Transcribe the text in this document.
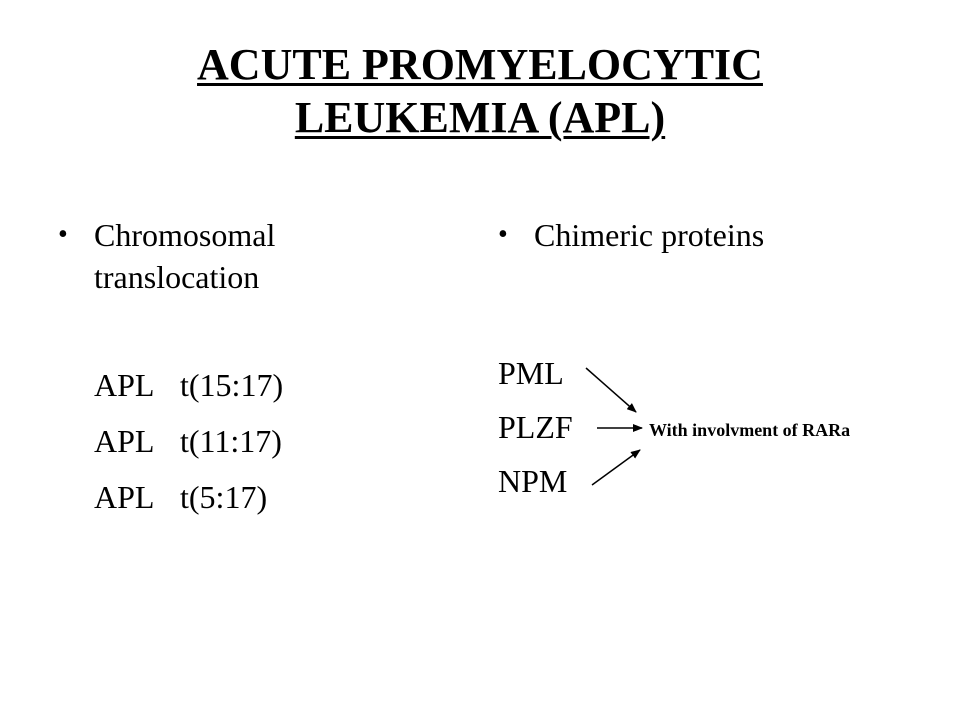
ACUTE PROMYELOCYTIC
LEUKEMIA (APL)
• Chromosomal
translocation
APL t(15:17)
APL t(11:17)
APL t(5:17)
• Chimeric proteins
PML
PLZF
NPM
With involvment of RARa
